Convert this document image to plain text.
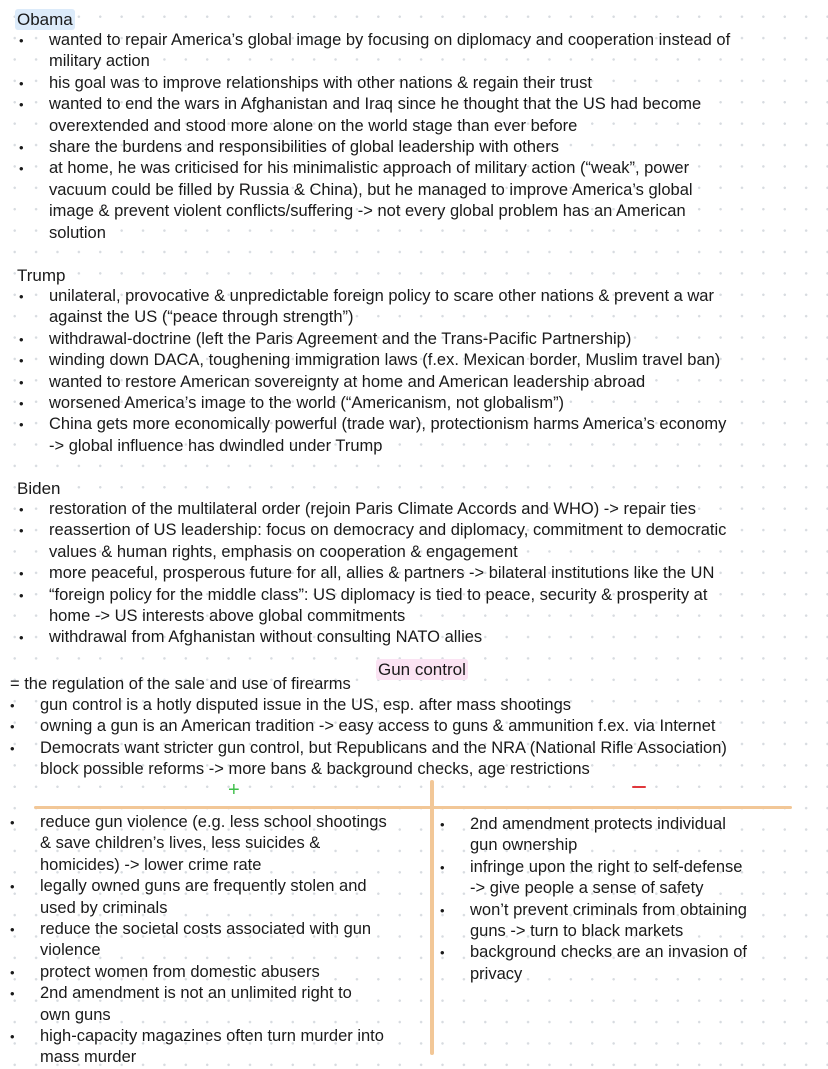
Obama
• wanted to repair America’s global image by focusing on diplomacy and cooperation instead of
military action
• his goal was to improve relationships with other nations & regain their trust
• wanted to end the wars in Afghanistan and Iraq since he thought that the US had become
overextended and stood more alone on the world stage than ever before
• share the burdens and responsibilities of global leadership with others
• at home, he was criticised for his minimalistic approach of military action (“weak”, power
vacuum could be filled by Russia & China), but he managed to improve America’s global
image & prevent violent conflicts/suffering -> not every global problem has an American
solution
Trump
• unilateral, provocative & unpredictable foreign policy to scare other nations & prevent a war
against the US (“peace through strength”)
• withdrawal-doctrine (left the Paris Agreement and the Trans-Pacific Partnership)
• winding down DACA, toughening immigration laws (f.ex. Mexican border, Muslim travel ban)
• wanted to restore American sovereignty at home and American leadership abroad
• worsened America’s image to the world (“Americanism, not globalism”)
• China gets more economically powerful (trade war), protectionism harms America’s economy
-> global influence has dwindled under Trump
Biden
• restoration of the multilateral order (rejoin Paris Climate Accords and WHO) -> repair ties
• reassertion of US leadership: focus on democracy and diplomacy, commitment to democratic
values & human rights, emphasis on cooperation & engagement
• more peaceful, prosperous future for all, allies & partners -> bilateral institutions like the UN
• “foreign policy for the middle class”: US diplomacy is tied to peace, security & prosperity at
home -> US interests above global commitments
• withdrawal from Afghanistan without consulting NATO allies
Gun control
= the regulation of the sale and use of firearms
• gun control is a hotly disputed issue in the US, esp. after mass shootings
• owning a gun is an American tradition -> easy access to guns & ammunition f.ex. via Internet
• Democrats want stricter gun control, but Republicans and the NRA (National Rifle Association)
block possible reforms -> more bans & background checks, age restrictions
+
• reduce gun violence (e.g. less school shootings
& save children’s lives, less suicides &
homicides) -> lower crime rate
• legally owned guns are frequently stolen and
used by criminals
• reduce the societal costs associated with gun
violence
• protect women from domestic abusers
• 2nd amendment is not an unlimited right to
own guns
• high-capacity magazines often turn murder into
mass murder
• 2nd amendment protects individual
gun ownership
• infringe upon the right to self-defense
-> give people a sense of safety
• won’t prevent criminals from obtaining
guns -> turn to black markets
• background checks are an invasion of
privacy
